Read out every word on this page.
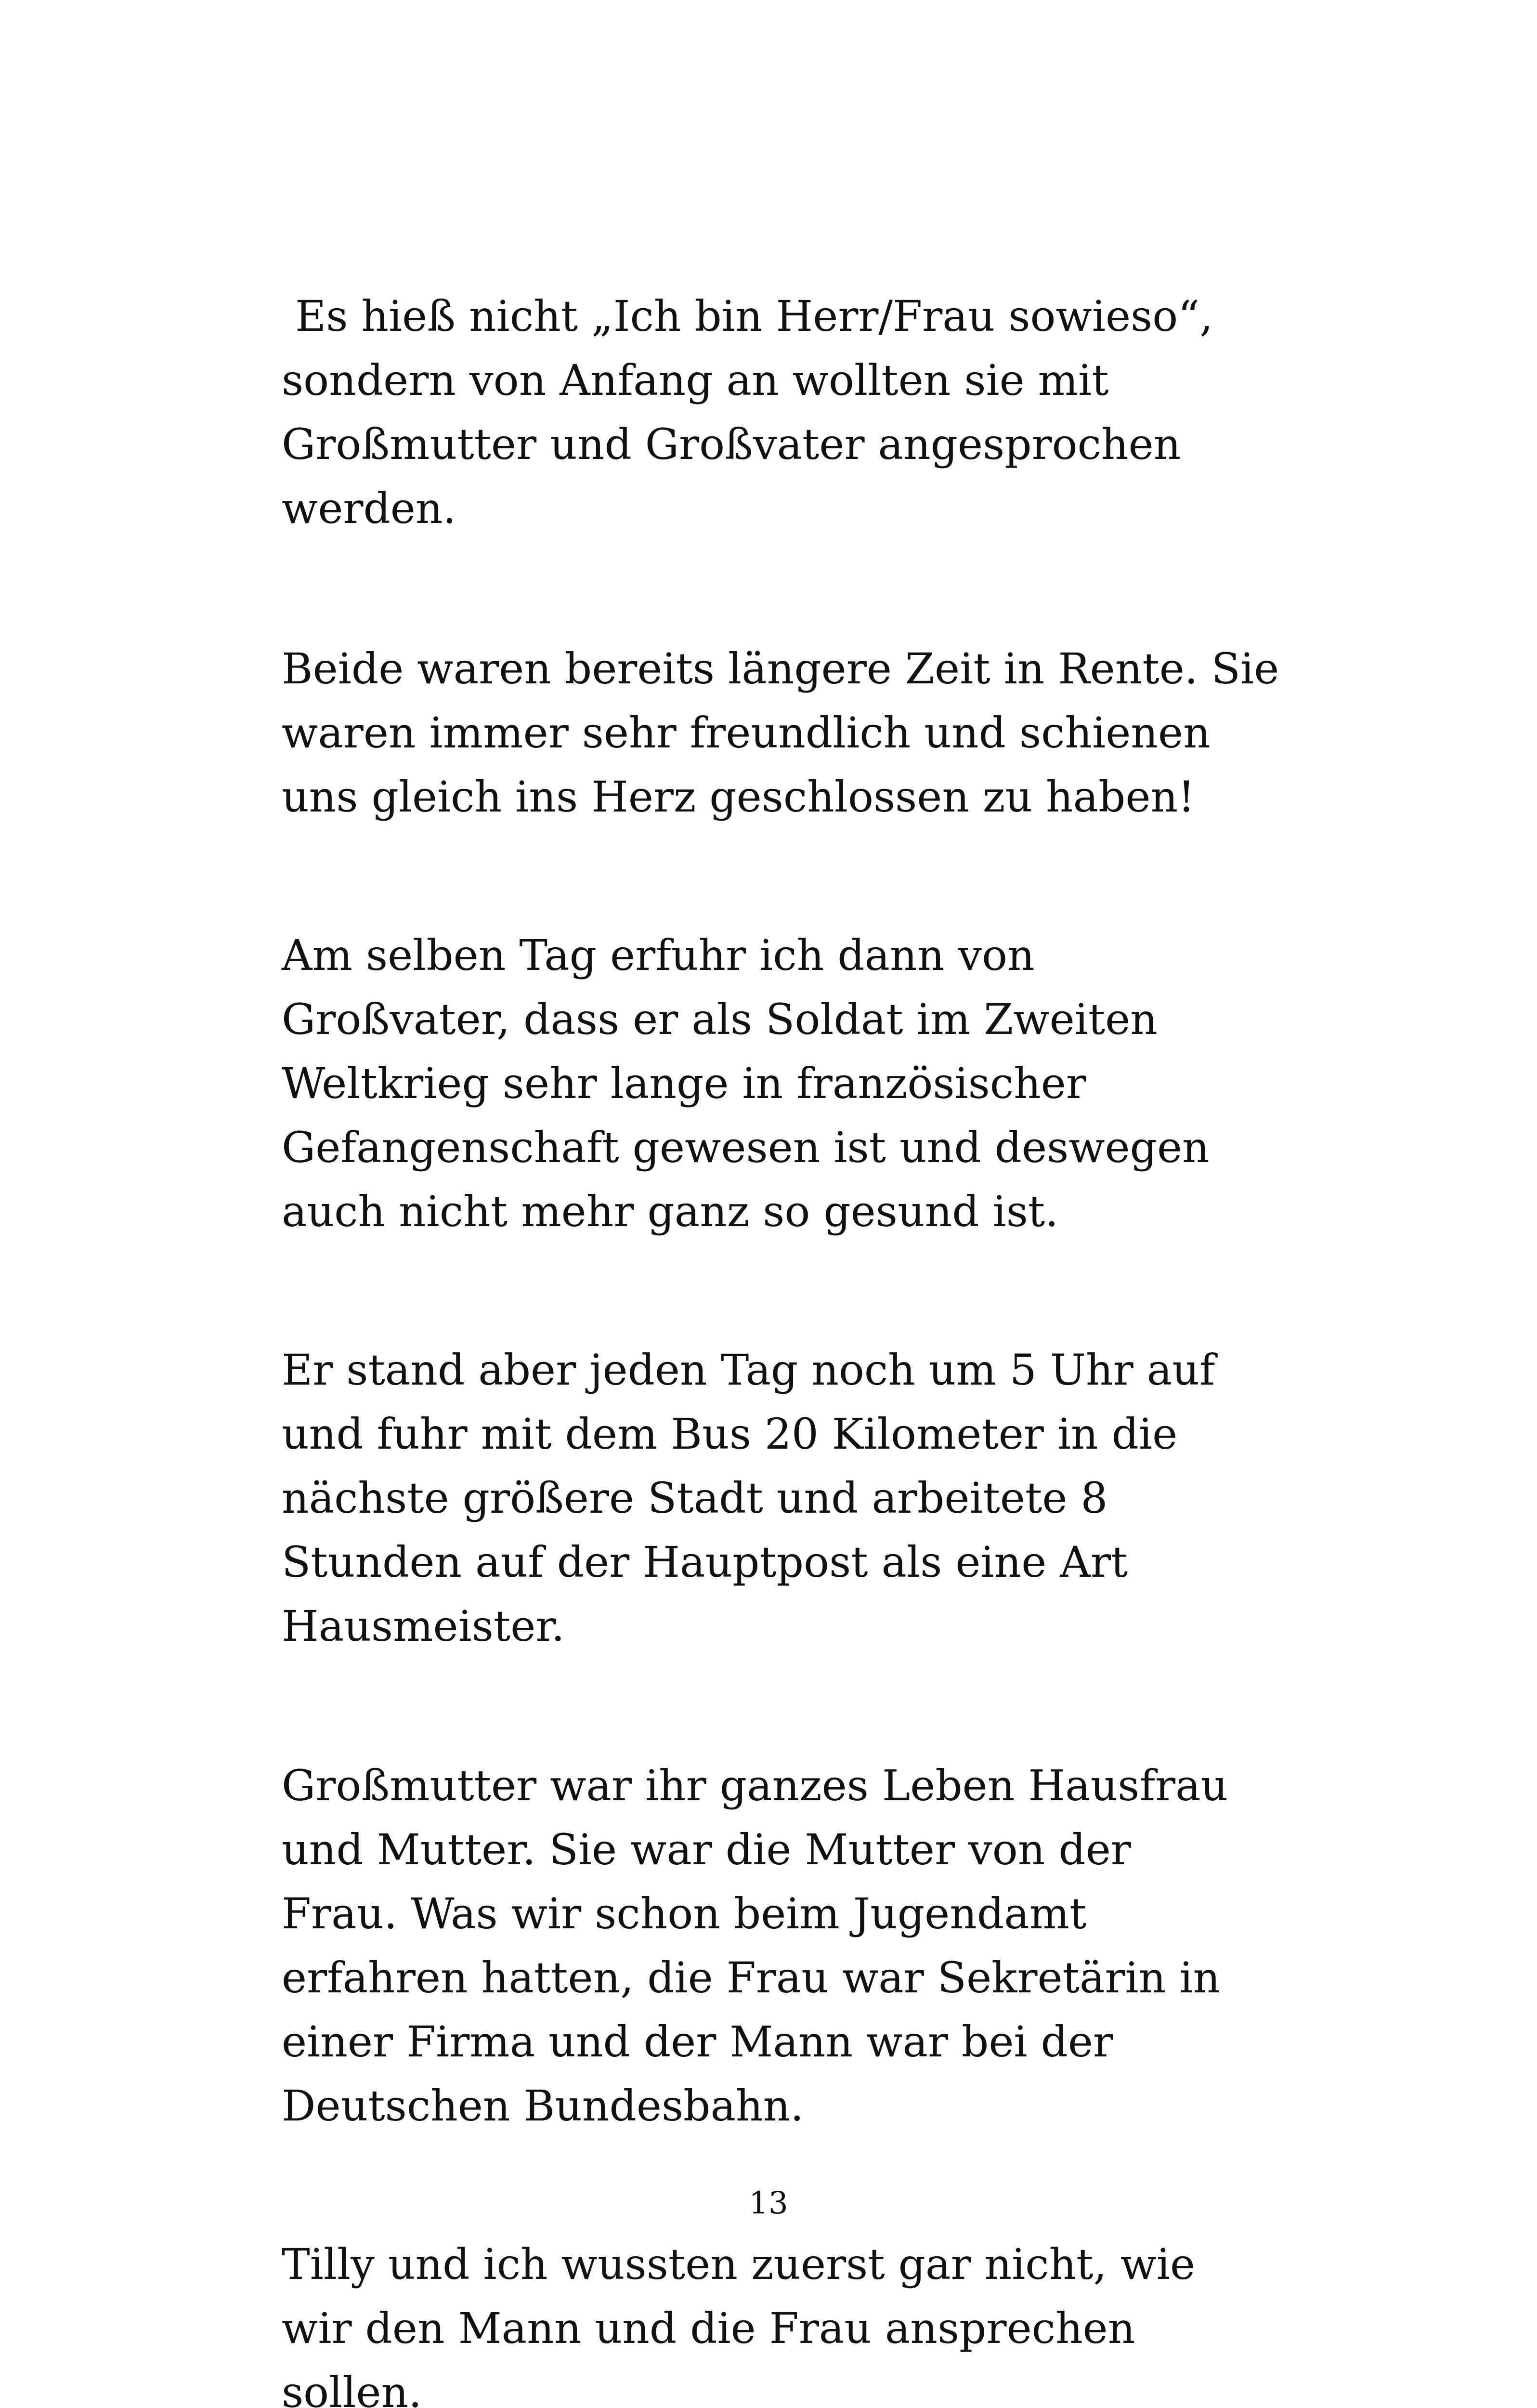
Es hieß nicht „Ich bin Herr/Frau sowieso“,
sondern von Anfang an wollten sie mit
Großmutter und Großvater angesprochen
werden.

Beide waren bereits längere Zeit in Rente. Sie
waren immer sehr freundlich und schienen
uns gleich ins Herz geschlossen zu haben!

Am selben Tag erfuhr ich dann von
Großvater, dass er als Soldat im Zweiten
Weltkrieg sehr lange in französischer
Gefangenschaft gewesen ist und deswegen
auch nicht mehr ganz so gesund ist.

Er stand aber jeden Tag noch um 5 Uhr auf
und fuhr mit dem Bus 20 Kilometer in die
nächste größere Stadt und arbeitete 8
Stunden auf der Hauptpost als eine Art
Hausmeister.

Großmutter war ihr ganzes Leben Hausfrau
und Mutter. Sie war die Mutter von der
Frau. Was wir schon beim Jugendamt
erfahren hatten, die Frau war Sekretärin in
einer Firma und der Mann war bei der
Deutschen Bundesbahn.

Tilly und ich wussten zuerst gar nicht, wie
wir den Mann und die Frau ansprechen
sollen.

13
